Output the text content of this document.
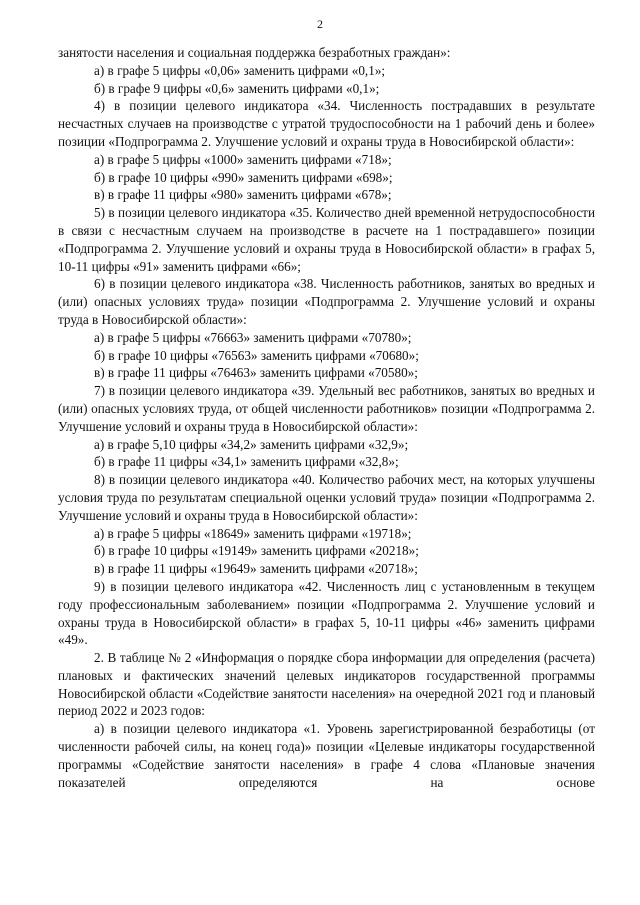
2

занятости населения и социальная поддержка безработных граждан»:

а) в графе 5 цифры «0,06» заменить цифрами «0,1»;

б) в графе 9 цифры «0,6» заменить цифрами «0,1»;

4) в позиции целевого индикатора «34. Численность пострадавших в результате несчастных случаев на производстве с утратой трудоспособности на 1 рабочий день и более» позиции «Подпрограмма 2. Улучшение условий и охраны труда в Новосибирской области»:

а) в графе 5 цифры «1000» заменить цифрами «718»;

б) в графе 10 цифры «990» заменить цифрами «698»;

в) в графе 11 цифры «980» заменить цифрами «678»;

5) в позиции целевого индикатора «35. Количество дней временной нетрудоспособности в связи с несчастным случаем на производстве в расчете на 1 пострадавшего» позиции «Подпрограмма 2. Улучшение условий и охраны труда в Новосибирской области» в графах 5, 10-11 цифры «91» заменить цифрами «66»;

6) в позиции целевого индикатора «38. Численность работников, занятых во вредных и (или) опасных условиях труда» позиции «Подпрограмма 2. Улучшение условий и охраны труда в Новосибирской области»:

а) в графе 5 цифры «76663» заменить цифрами «70780»;

б) в графе 10 цифры «76563» заменить цифрами «70680»;

в) в графе 11 цифры «76463» заменить цифрами «70580»;

7) в позиции целевого индикатора «39. Удельный вес работников, занятых во вредных и (или) опасных условиях труда, от общей численности работников» позиции «Подпрограмма 2. Улучшение условий и охраны труда в Новосибирской области»:

а) в графе 5,10 цифры «34,2» заменить цифрами «32,9»;

б) в графе 11 цифры «34,1» заменить цифрами «32,8»;

8) в позиции целевого индикатора «40. Количество рабочих мест, на которых улучшены условия труда по результатам специальной оценки условий труда» позиции «Подпрограмма 2. Улучшение условий и охраны труда в Новосибирской области»:

а) в графе 5 цифры «18649» заменить цифрами «19718»;

б) в графе 10 цифры «19149» заменить цифрами «20218»;

в) в графе 11 цифры «19649» заменить цифрами «20718»;

9) в позиции целевого индикатора «42. Численность лиц с установленным в текущем году профессиональным заболеванием» позиции «Подпрограмма 2. Улучшение условий и охраны труда в Новосибирской области» в графах 5, 10-11 цифры «46» заменить цифрами «49».

2. В таблице № 2 «Информация о порядке сбора информации для определения (расчета) плановых и фактических значений целевых индикаторов государственной программы Новосибирской области «Содействие занятости населения» на очередной 2021 год и плановый период 2022 и 2023 годов:

а) в позиции целевого индикатора «1. Уровень зарегистрированной безработицы (от численности рабочей силы, на конец года)» позиции «Целевые индикаторы государственной программы «Содействие занятости населения» в графе 4 слова «Плановые значения показателей определяются на основе
